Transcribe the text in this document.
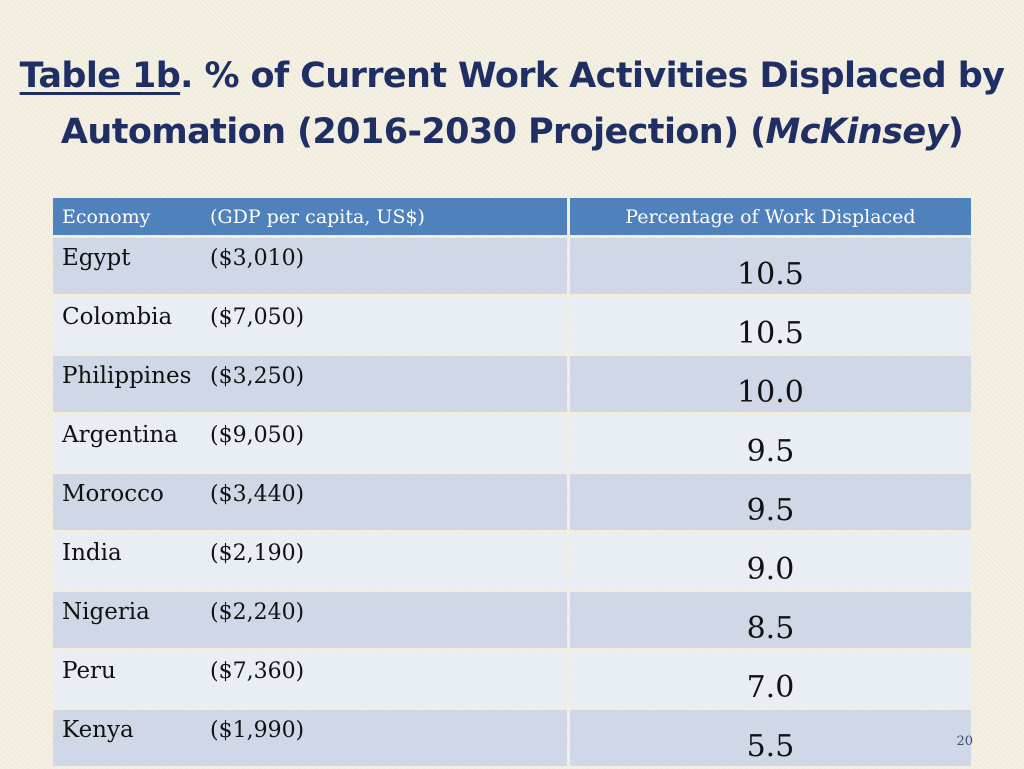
Table 1b. % of Current Work Activities Displaced by Automation (2016-2030 Projection) (McKinsey)
Economy (GDP per capita, US$)	Percentage of Work Displaced
Egypt ($3,010)	10.5
Colombia ($7,050)	10.5
Philippines ($3,250)	10.0
Argentina ($9,050)	9.5
Morocco ($3,440)	9.5
India ($2,190)	9.0
Nigeria ($2,240)	8.5
Peru ($7,360)	7.0
Kenya ($1,990)	5.5	20
